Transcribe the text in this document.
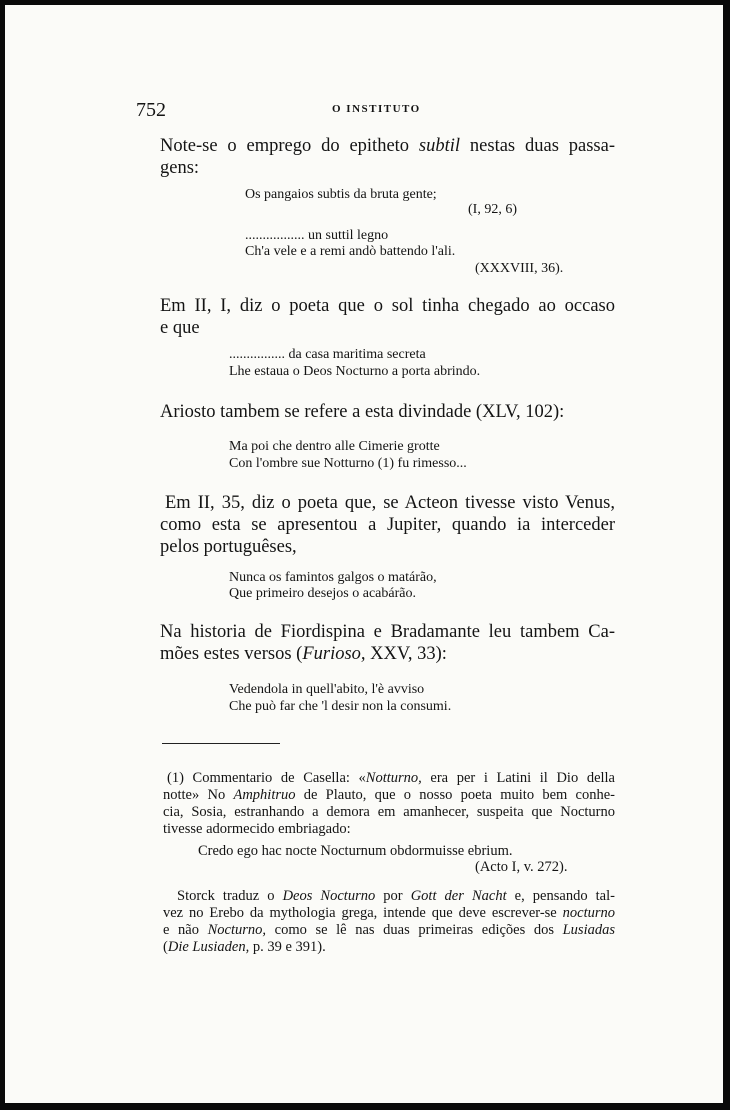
752	O INSTITUTO
Note-se o emprego do epitheto subtil nestas duas passa-
gens:
Os pangaios subtis da bruta gente;
(I, 92, 6)
................. un suttil legno
Ch'a vele e a remi andò battendo l'ali.
(XXXVIII, 36).
Em II, I, diz o poeta que o sol tinha chegado ao occaso
e que
................ da casa maritima secreta
Lhe estaua o Deos Nocturno a porta abrindo.
Ariosto tambem se refere a esta divindade (XLV, 102):
Ma poi che dentro alle Cimerie grotte
Con l'ombre sue Notturno (1) fu rimesso...
Em II, 35, diz o poeta que, se Acteon tivesse visto Venus,
como esta se apresentou a Jupiter, quando ia interceder
pelos portuguêses,
Nunca os famintos galgos o matárão,
Que primeiro desejos o acabárão.
Na historia de Fiordispina e Bradamante leu tambem Ca-
mões estes versos (Furioso, XXV, 33):
Vedendola in quell'abito, l'è avviso
Che può far che 'l desir non la consumi.
(1) Commentario de Casella: «Notturno, era per i Latini il Dio della
notte» No Amphitruo de Plauto, que o nosso poeta muito bem conhe-
cia, Sosia, estranhando a demora em amanhecer, suspeita que Nocturno
tivesse adormecido embriagado:
Credo ego hac nocte Nocturnum obdormuisse ebrium.
(Acto I, v. 272).
Storck traduz o Deos Nocturno por Gott der Nacht e, pensando tal-
vez no Erebo da mythologia grega, intende que deve escrever-se nocturno
e não Nocturno, como se lê nas duas primeiras edições dos Lusiadas
(Die Lusiaden, p. 39 e 391).
